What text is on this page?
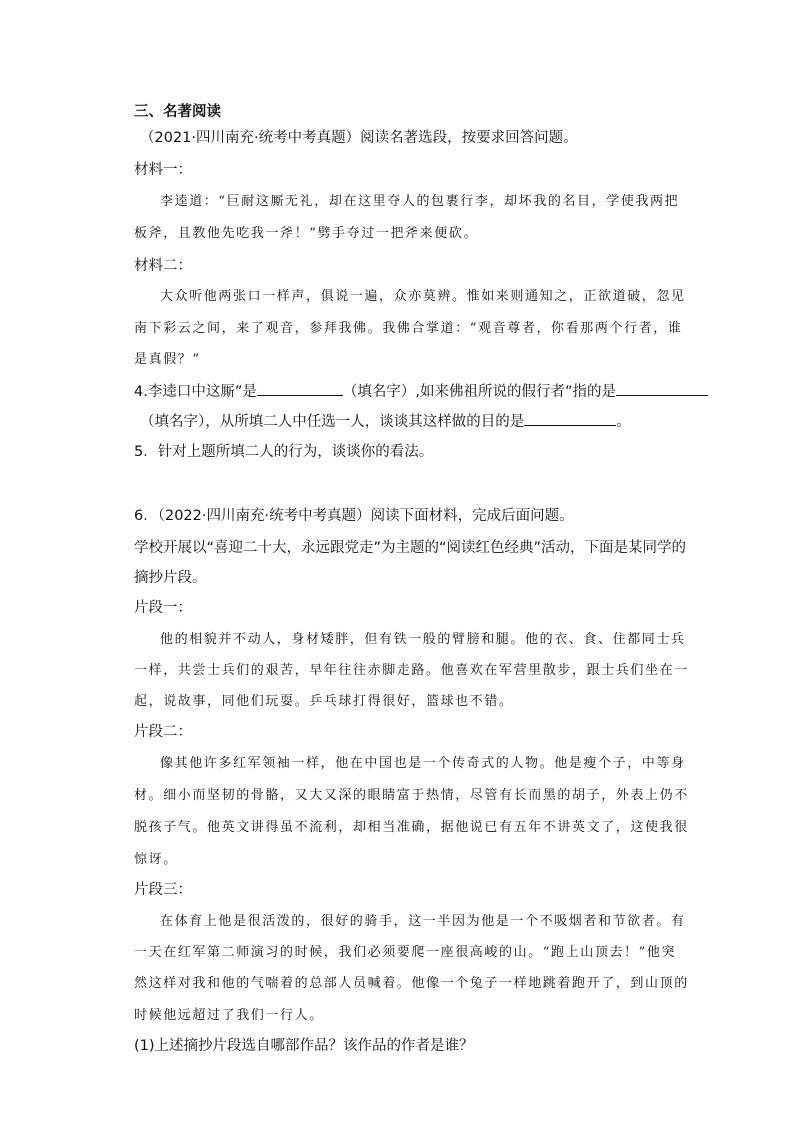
三、名著阅读
（2021·四川南充·统考中考真题）阅读名著选段，按要求回答问题。
材料一：
李逵道：“巨耐这厮无礼，却在这里夺人的包裹行李，却坏我的名目，学使我两把
板斧，且教他先吃我一斧！”劈手夺过一把斧来便砍。
材料二：
大众听他两张口一样声，俱说一遍，众亦莫辨。惟如来则通知之，正欲道破，忽见
南下彩云之间，来了观音，参拜我佛。我佛合掌道：“观音尊者，你看那两个行者，谁
是真假？”
4.李逵口中这厮”是	（填名字）,如来佛祖所说的假行者”指的是
（填名字），从所填二人中任选一人，谈谈其这样做的目的是	。
5．针对上题所填二人的行为，谈谈你的看法。
6．（2022·四川南充·统考中考真题）阅读下面材料，完成后面问题。
学校开展以“喜迎二十大，永远跟党走”为主题的“阅读红色经典”活动，下面是某同学的
摘抄片段。
片段一：
他的相貌并不动人，身材矮胖，但有铁一般的臂膀和腿。他的衣、食、住都同士兵
一样，共尝士兵们的艰苦，早年往往赤脚走路。他喜欢在军营里散步，跟士兵们坐在一
起，说故事，同他们玩耍。乒乓球打得很好，篮球也不错。
片段二：
像其他许多红军领袖一样，他在中国也是一个传奇式的人物。他是瘦个子，中等身
材。细小而坚韧的骨骼，又大又深的眼睛富于热情，尽管有长而黑的胡子，外表上仍不
脱孩子气。他英文讲得虽不流利，却相当准确，据他说已有五年不讲英文了，这使我很
惊讶。
片段三：
在体育上他是很活泼的，很好的骑手，这一半因为他是一个不吸烟者和节欲者。有
一天在红军第二师演习的时候，我们必须要爬一座很高峻的山。“跑上山顶去！”他突
然这样对我和他的气喘着的总部人员喊着。他像一个兔子一样地跳着跑开了，到山顶的
时候他远超过了我们一行人。
(1)上述摘抄片段选自哪部作品？该作品的作者是谁？
